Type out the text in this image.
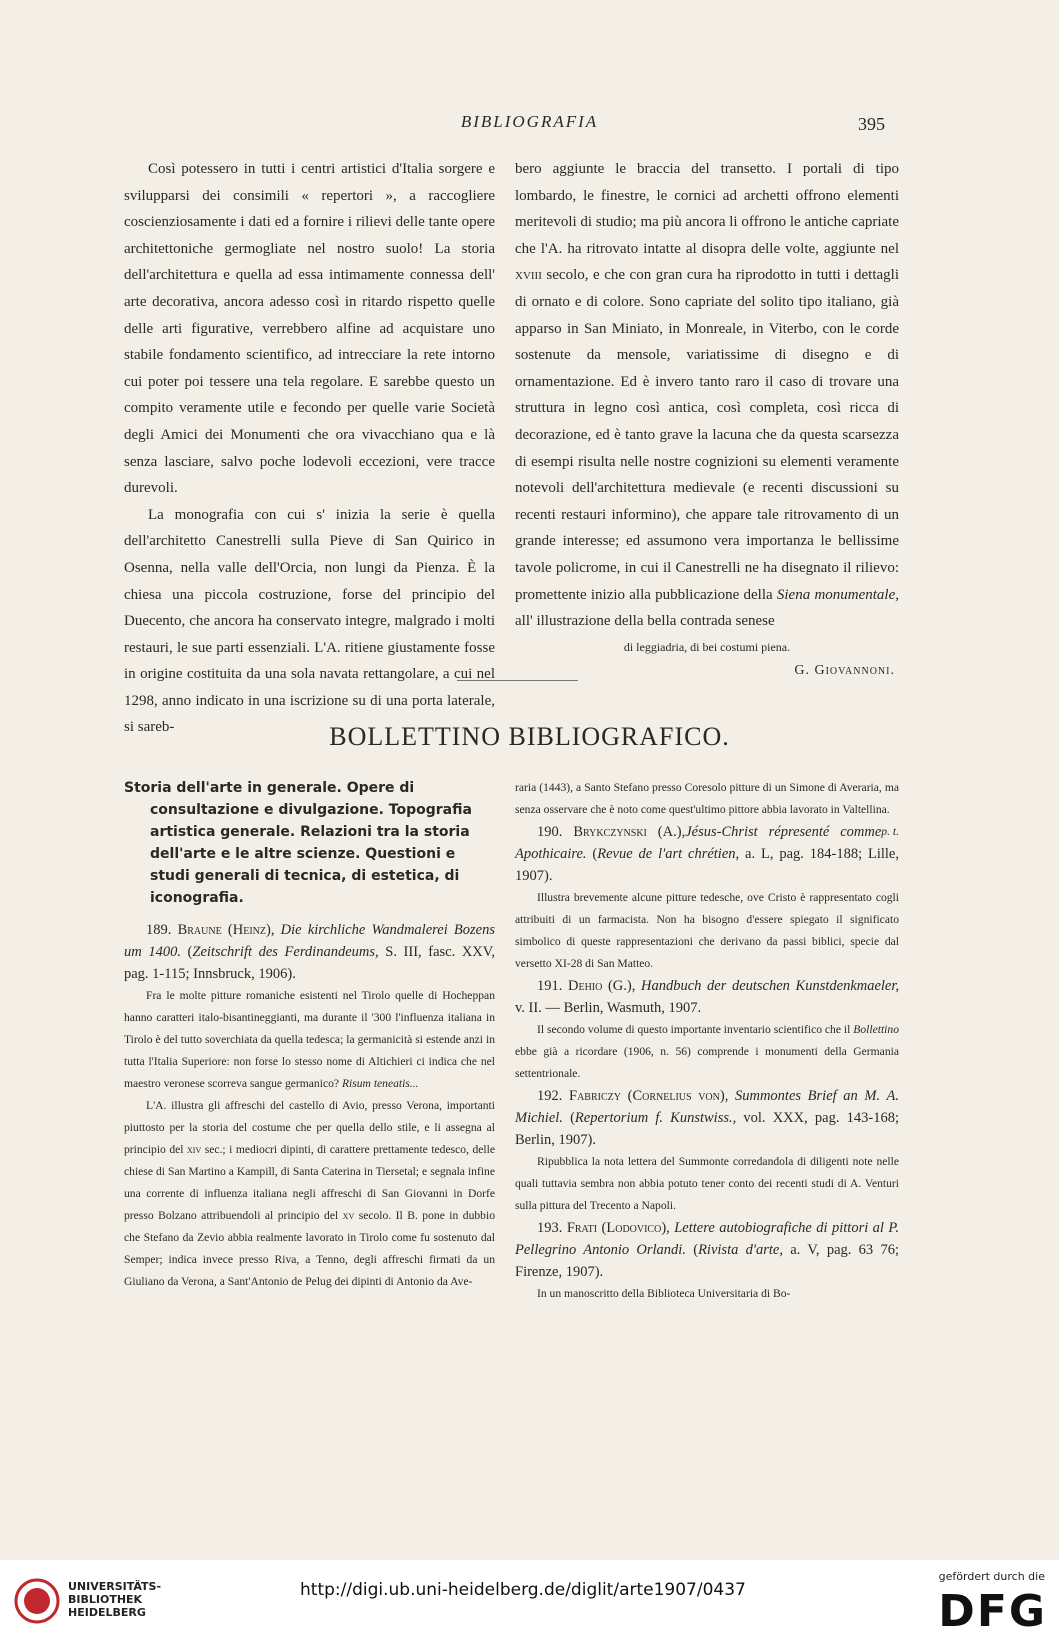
BIBLIOGRAFIA	395

Così potessero in tutti i centri artistici d'Italia sorgere e svilupparsi dei consimili « repertori », a raccogliere coscienziosamente i dati ed a fornire i rilievi delle tante opere architettoniche germogliate nel nostro suolo! La storia dell'architettura e quella ad essa intimamente connessa dell' arte decorativa, ancora adesso così in ritardo rispetto quelle delle arti figurative, verrebbero alfine ad acquistare uno stabile fondamento scientifico, ad intrecciare la rete intorno cui poter poi tessere una tela regolare. E sarebbe questo un compito veramente utile e fecondo per quelle varie Società degli Amici dei Monumenti che ora vivacchiano qua e là senza lasciare, salvo poche lodevoli eccezioni, vere tracce durevoli.

La monografia con cui s' inizia la serie è quella dell'architetto Canestrelli sulla Pieve di San Quirico in Osenna, nella valle dell'Orcia, non lungi da Pienza. È la chiesa una piccola costruzione, forse del principio del Duecento, che ancora ha conservato integre, malgrado i molti restauri, le sue parti essenziali. L'A. ritiene giustamente fosse in origine costituita da una sola navata rettangolare, a cui nel 1298, anno indicato in una iscrizione su di una porta laterale, si sareb-

bero aggiunte le braccia del transetto. I portali di tipo lombardo, le finestre, le cornici ad archetti offrono elementi meritevoli di studio; ma più ancora li offrono le antiche capriate che l'A. ha ritrovato intatte al disopra delle volte, aggiunte nel xviii secolo, e che con gran cura ha riprodotto in tutti i dettagli di ornato e di colore. Sono capriate del solito tipo italiano, già apparso in San Miniato, in Monreale, in Viterbo, con le corde sostenute da mensole, variatissime di disegno e di ornamentazione. Ed è invero tanto raro il caso di trovare una struttura in legno così antica, così completa, così ricca di decorazione, ed è tanto grave la lacuna che da questa scarsezza di esempi risulta nelle nostre cognizioni su elementi veramente notevoli dell'architettura medievale (e recenti discussioni su recenti restauri informino), che appare tale ritrovamento di un grande interesse; ed assumono vera importanza le bellissime tavole policrome, in cui il Canestrelli ne ha disegnato il rilievo: promettente inizio alla pubblicazione della Siena monumentale, all' illustrazione della bella contrada senese

di leggiadria, di bei costumi piena.
G. Giovannoni.
BOLLETTINO BIBLIOGRAFICO.

Storia dell'arte in generale. Opere di consultazione e divulgazione. Topografia artistica generale. Relazioni tra la storia dell'arte e le altre scienze. Questioni e studi generali di tecnica, di estetica, di iconografia.

189. Braune (Heinz), Die kirchliche Wandmalerei Bozens um 1400. (Zeitschrift des Ferdinandeums, S. III, fasc. XXV, pag. 1-115; Innsbruck, 1906).

Fra le molte pitture romaniche esistenti nel Tirolo quelle di Hocheppan hanno caratteri italo-bisantineggianti, ma durante il '300 l'influenza italiana in Tirolo è del tutto soverchiata da quella tedesca; la germanicità si estende anzi in tutta l'Italia Superiore: non forse lo stesso nome di Altichieri ci indica che nel maestro veronese scorreva sangue germanico? Risum teneatis...

L'A. illustra gli affreschi del castello di Avio, presso Verona, importanti piuttosto per la storia del costume che per quella dello stile, e li assegna al principio del xiv sec.; i mediocri dipinti, di carattere prettamente tedesco, delle chiese di San Martino a Kampill, di Santa Caterina in Tiersetal; e segnala infine una corrente di influenza italiana negli affreschi di San Giovanni in Dorfe presso Bolzano attribuendoli al principio del xv secolo. Il B. pone in dubbio che Stefano da Zevio abbia realmente lavorato in Tirolo come fu sostenuto dal Semper; indica invece presso Riva, a Tenno, degli affreschi firmati da un Giuliano da Verona, a Sant'Antonio de Pelug dei dipinti di Antonio da Ave-

raria (1443), a Santo Stefano presso Coresolo pitture di un Simone di Averaria, ma senza osservare che è noto come quest'ultimo pittore abbia lavorato in Valtellina.
p. t.

190. Brykczynski (A.),Jésus-Christ répresenté comme Apothicaire. (Revue de l'art chrétien, a. L, pag. 184-188; Lille, 1907).

Illustra brevemente alcune pitture tedesche, ove Cristo è rappresentato cogli attribuiti di un farmacista. Non ha bisogno d'essere spiegato il significato simbolico di queste rappresentazioni che derivano da passi biblici, specie dal versetto XI-28 di San Matteo.

191. Dehio (G.), Handbuch der deutschen Kunstdenkmaeler, v. II. — Berlin, Wasmuth, 1907.

Il secondo volume di questo importante inventario scientifico che il Bollettino ebbe già a ricordare (1906, n. 56) comprende i monumenti della Germania settentrionale.

192. Fabriczy (Cornelius von), Summontes Brief an M. A. Michiel. (Repertorium f. Kunstwiss., vol. XXX, pag. 143-168; Berlin, 1907).

Ripubblica la nota lettera del Summonte corredandola di diligenti note nelle quali tuttavia sembra non abbia potuto tener conto dei recenti studi di A. Venturi sulla pittura del Trecento a Napoli.

193. Frati (Lodovico), Lettere autobiografiche di pittori al P. Pellegrino Antonio Orlandi. (Rivista d'arte, a. V, pag. 63 76; Firenze, 1907).

In un manoscritto della Biblioteca Universitaria di Bo-

UNIVERSITÄTS-
BIBLIOTHEK
HEIDELBERG
http://digi.ub.uni-heidelberg.de/diglit/arte1907/0437
gefördert durch die
DFG
